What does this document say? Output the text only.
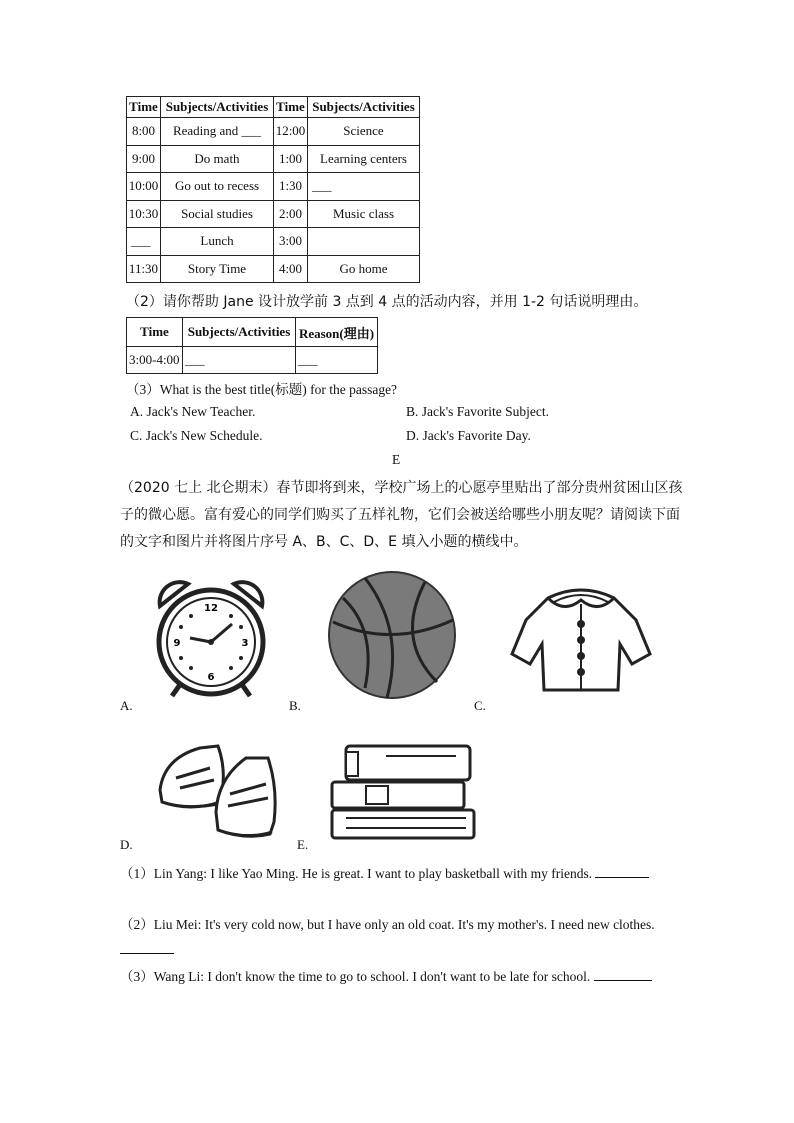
Time	Subjects/Activities	Time	Subjects/Activities
8:00	Reading and ___	12:00	Science
9:00	Do math	1:00	Learning centers
10:00	Go out to recess	1:30	___
10:30	Social studies	2:00	Music class
___	Lunch	3:00	
11:30	Story Time	4:00	Go home
（2）请你帮助 Jane 设计放学前 3 点到 4 点的活动内容，并用 1-2 句话说明理由。
Time	Subjects/Activities	Reason(理由)
3:00-4:00	___	___
（3）What is the best title(标题) for the passage?
A. Jack's New Teacher.	B. Jack's Favorite Subject.
C. Jack's New Schedule.	D. Jack's Favorite Day.
E
（2020 七上 北仑期末）春节即将到来，学校广场上的心愿亭里贴出了部分贵州贫困山区孩
子的微心愿。富有爱心的同学们购买了五样礼物，它们会被送给哪些小朋友呢？请阅读下面
的文字和图片并将图片序号 A、B、C、D、E 填入小题的横线中。
12
3
6
9
A.	B.	C.
D.	E.
（1）Lin Yang: I like Yao Ming. He is great. I want to play basketball with my friends.
（2）Liu Mei: It's very cold now, but I have only an old coat. It's my mother's. I need new clothes.
（3）Wang Li: I don't know the time to go to school. I don't want to be late for school.
